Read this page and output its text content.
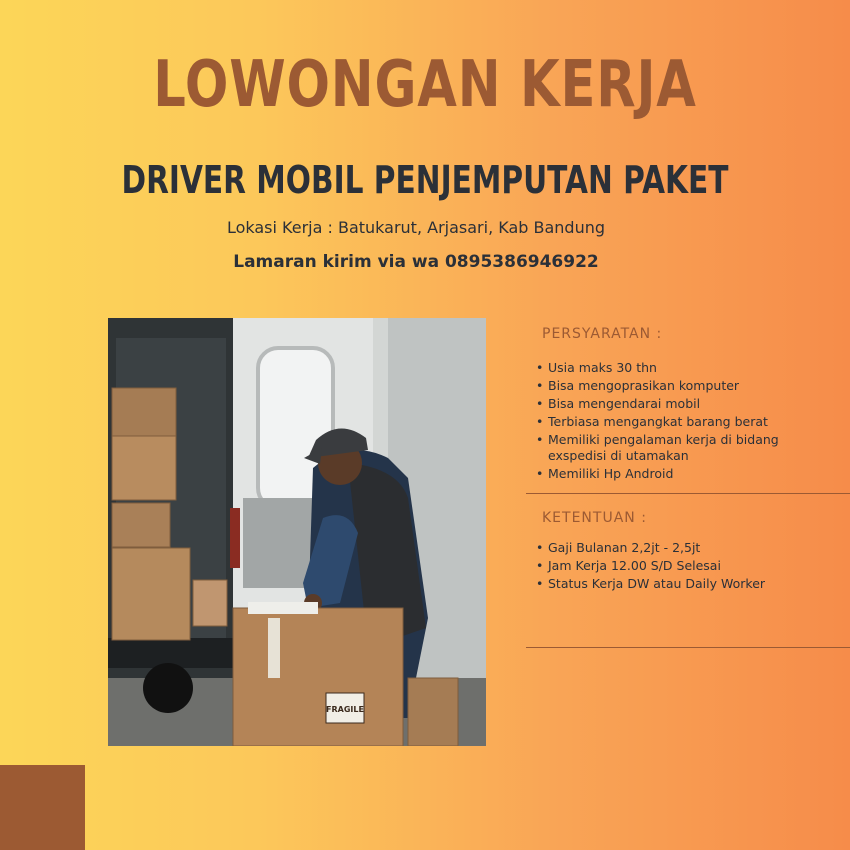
LOWONGAN KERJA
DRIVER MOBIL PENJEMPUTAN PAKET

Lokasi Kerja : Batukarut, Arjasari, Kab Bandung

Lamaran kirim via wa 0895386946922

FRAGILE
PERSYARATAN :
• Usia maks 30 thn
• Bisa mengoprasikan komputer
• Bisa mengendarai mobil
• Terbiasa mengangkat barang berat
• Memiliki pengalaman kerja di bidang exspedisi di utamakan
• Memiliki Hp Android
KETENTUAN :
• Gaji Bulanan 2,2jt - 2,5jt
• Jam Kerja 12.00 S/D Selesai
• Status Kerja DW atau Daily Worker
